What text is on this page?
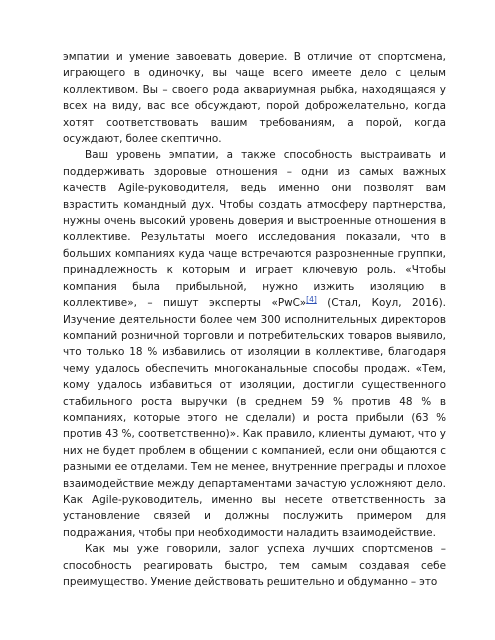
эмпатии и умение завоевать доверие. В отличие от спортсмена, играющего в одиночку, вы чаще всего имеете дело с целым коллективом. Вы – своего рода аквариумная рыбка, находящаяся у всех на виду, вас все обсуждают, порой доброжелательно, когда хотят соответствовать вашим требованиям, а порой, когда осуждают, более скептично.

Ваш уровень эмпатии, а также способность выстраивать и поддерживать здоровые отношения – одни из самых важных качеств Agile-руководителя, ведь именно они позволят вам взрастить командный дух. Чтобы создать атмосферу партнерства, нужны очень высокий уровень доверия и выстроенные отношения в коллективе. Результаты моего исследования показали, что в больших компаниях куда чаще встречаются разрозненные группки, принадлежность к которым и играет ключевую роль. «Чтобы компания была прибыльной, нужно изжить изоляцию в коллективе», – пишут эксперты «PwC»[4] (Стал, Коул, 2016). Изучение деятельности более чем 300 исполнительных директоров компаний розничной торговли и потребительских товаров выявило, что только 18 % избавились от изоляции в коллективе, благодаря чему удалось обеспечить многоканальные способы продаж. «Тем, кому удалось избавиться от изоляции, достигли существенного стабильного роста выручки (в среднем 59 % против 48 % в компаниях, которые этого не сделали) и роста прибыли (63 % против 43 %, соответственно)». Как правило, клиенты думают, что у них не будет проблем в общении с компанией, если они общаются с разными ее отделами. Тем не менее, внутренние преграды и плохое взаимодействие между департаментами зачастую усложняют дело. Как Agile-руководитель, именно вы несете ответственность за установление связей и должны послужить примером для подражания, чтобы при необходимости наладить взаимодействие.

Как мы уже говорили, залог успеха лучших спортсменов – способность реагировать быстро, тем самым создавая себе преимущество. Умение действовать решительно и обдуманно – это
